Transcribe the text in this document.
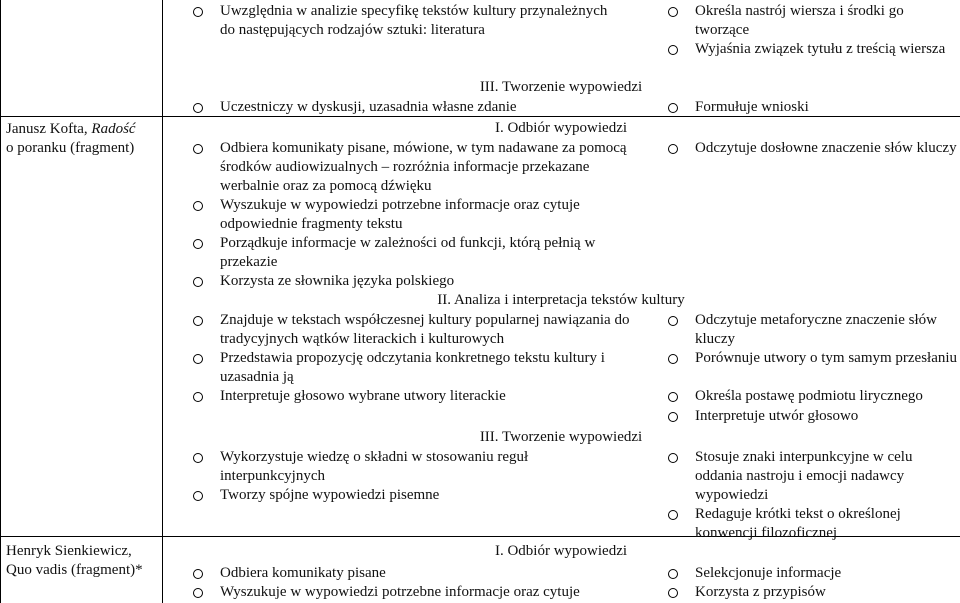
Janusz Kofta, Radość
o poranku (fragment)
Henryk Sienkiewicz,
Quo vadis (fragment)*
Uwzględnia w analizie specyfikę tekstów kultury przynależnych do następujących rodzajów sztuki: literatura
Określa nastrój wiersza i środki go tworzące
Wyjaśnia związek tytułu z treścią wiersza
III. Tworzenie wypowiedzi
Uczestniczy w dyskusji, uzasadnia własne zdanie	Formułuje wnioski
I. Odbiór wypowiedzi
Odbiera komunikaty pisane, mówione, w tym nadawane za pomocą środków audiowizualnych – rozróżnia informacje przekazane werbalnie oraz za pomocą dźwięku
Wyszukuje w wypowiedzi potrzebne informacje oraz cytuje odpowiednie fragmenty tekstu
Porządkuje informacje w zależności od funkcji, którą pełnią w przekazie
Korzysta ze słownika języka polskiego
Odczytuje dosłowne znaczenie słów kluczy
II. Analiza i interpretacja tekstów kultury
Znajduje w tekstach współczesnej kultury popularnej nawiązania do tradycyjnych wątków literackich i kulturowych
Przedstawia propozycję odczytania konkretnego tekstu kultury i uzasadnia ją
Interpretuje głosowo wybrane utwory literackie
Odczytuje metaforyczne znaczenie słów kluczy
Porównuje utwory o tym samym przesłaniu
Określa postawę podmiotu lirycznego
Interpretuje utwór głosowo
III. Tworzenie wypowiedzi
Wykorzystuje wiedzę o składni w stosowaniu reguł interpunkcyjnych
Tworzy spójne wypowiedzi pisemne
Stosuje znaki interpunkcyjne w celu oddania nastroju i emocji nadawcy wypowiedzi
Redaguje krótki tekst o określonej konwencji filozoficznej
I. Odbiór wypowiedzi
Odbiera komunikaty pisane
Wyszukuje w wypowiedzi potrzebne informacje oraz cytuje
Selekcjonuje informacje
Korzysta z przypisów
